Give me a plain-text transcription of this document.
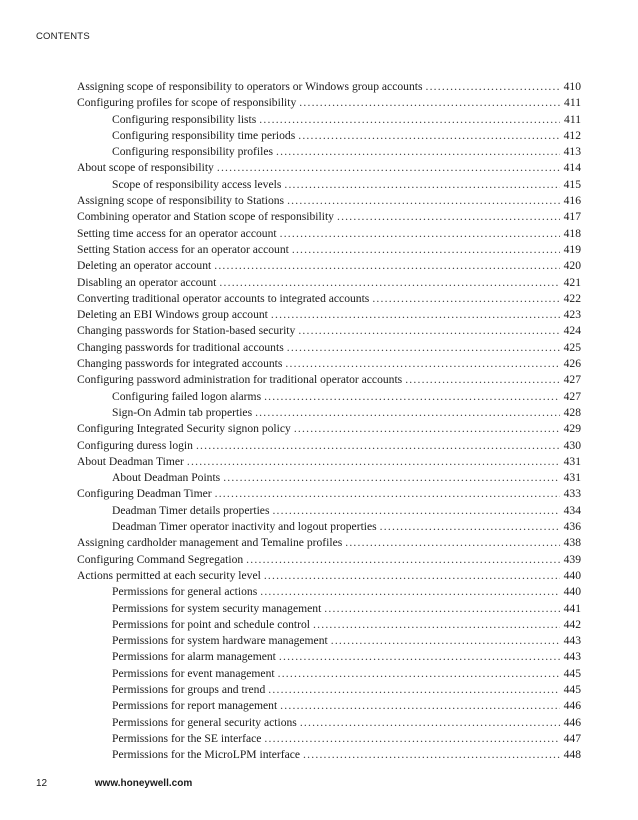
CONTENTS
Assigning scope of responsibility to operators or Windows group accounts .....	410
Configuring profiles for scope of responsibility .....	411
Configuring responsibility lists .....	411
Configuring responsibility time periods .....	412
Configuring responsibility profiles .....	413
About scope of responsibility .....	414
Scope of responsibility access levels .....	415
Assigning scope of responsibility to Stations .....	416
Combining operator and Station scope of responsibility .....	417
Setting time access for an operator account .....	418
Setting Station access for an operator account .....	419
Deleting an operator account .....	420
Disabling an operator account .....	421
Converting traditional operator accounts to integrated accounts .....	422
Deleting an EBI Windows group account .....	423
Changing passwords for Station-based security .....	424
Changing passwords for traditional accounts .....	425
Changing passwords for integrated accounts .....	426
Configuring password administration for traditional operator accounts .....	427
Configuring failed logon alarms .....	427
Sign-On Admin tab properties .....	428
Configuring Integrated Security signon policy .....	429
Configuring duress login .....	430
About Deadman Timer .....	431
About Deadman Points .....	431
Configuring Deadman Timer .....	433
Deadman Timer details properties .....	434
Deadman Timer operator inactivity and logout properties .....	436
Assigning cardholder management and Temaline profiles .....	438
Configuring Command Segregation .....	439
Actions permitted at each security level .....	440
Permissions for general actions .....	440
Permissions for system security management .....	441
Permissions for point and schedule control .....	442
Permissions for system hardware management .....	443
Permissions for alarm management .....	443
Permissions for event management .....	445
Permissions for groups and trend .....	445
Permissions for report management .....	446
Permissions for general security actions .....	446
Permissions for the SE interface .....	447
Permissions for the MicroLPM interface .....	448
12	www.honeywell.com
